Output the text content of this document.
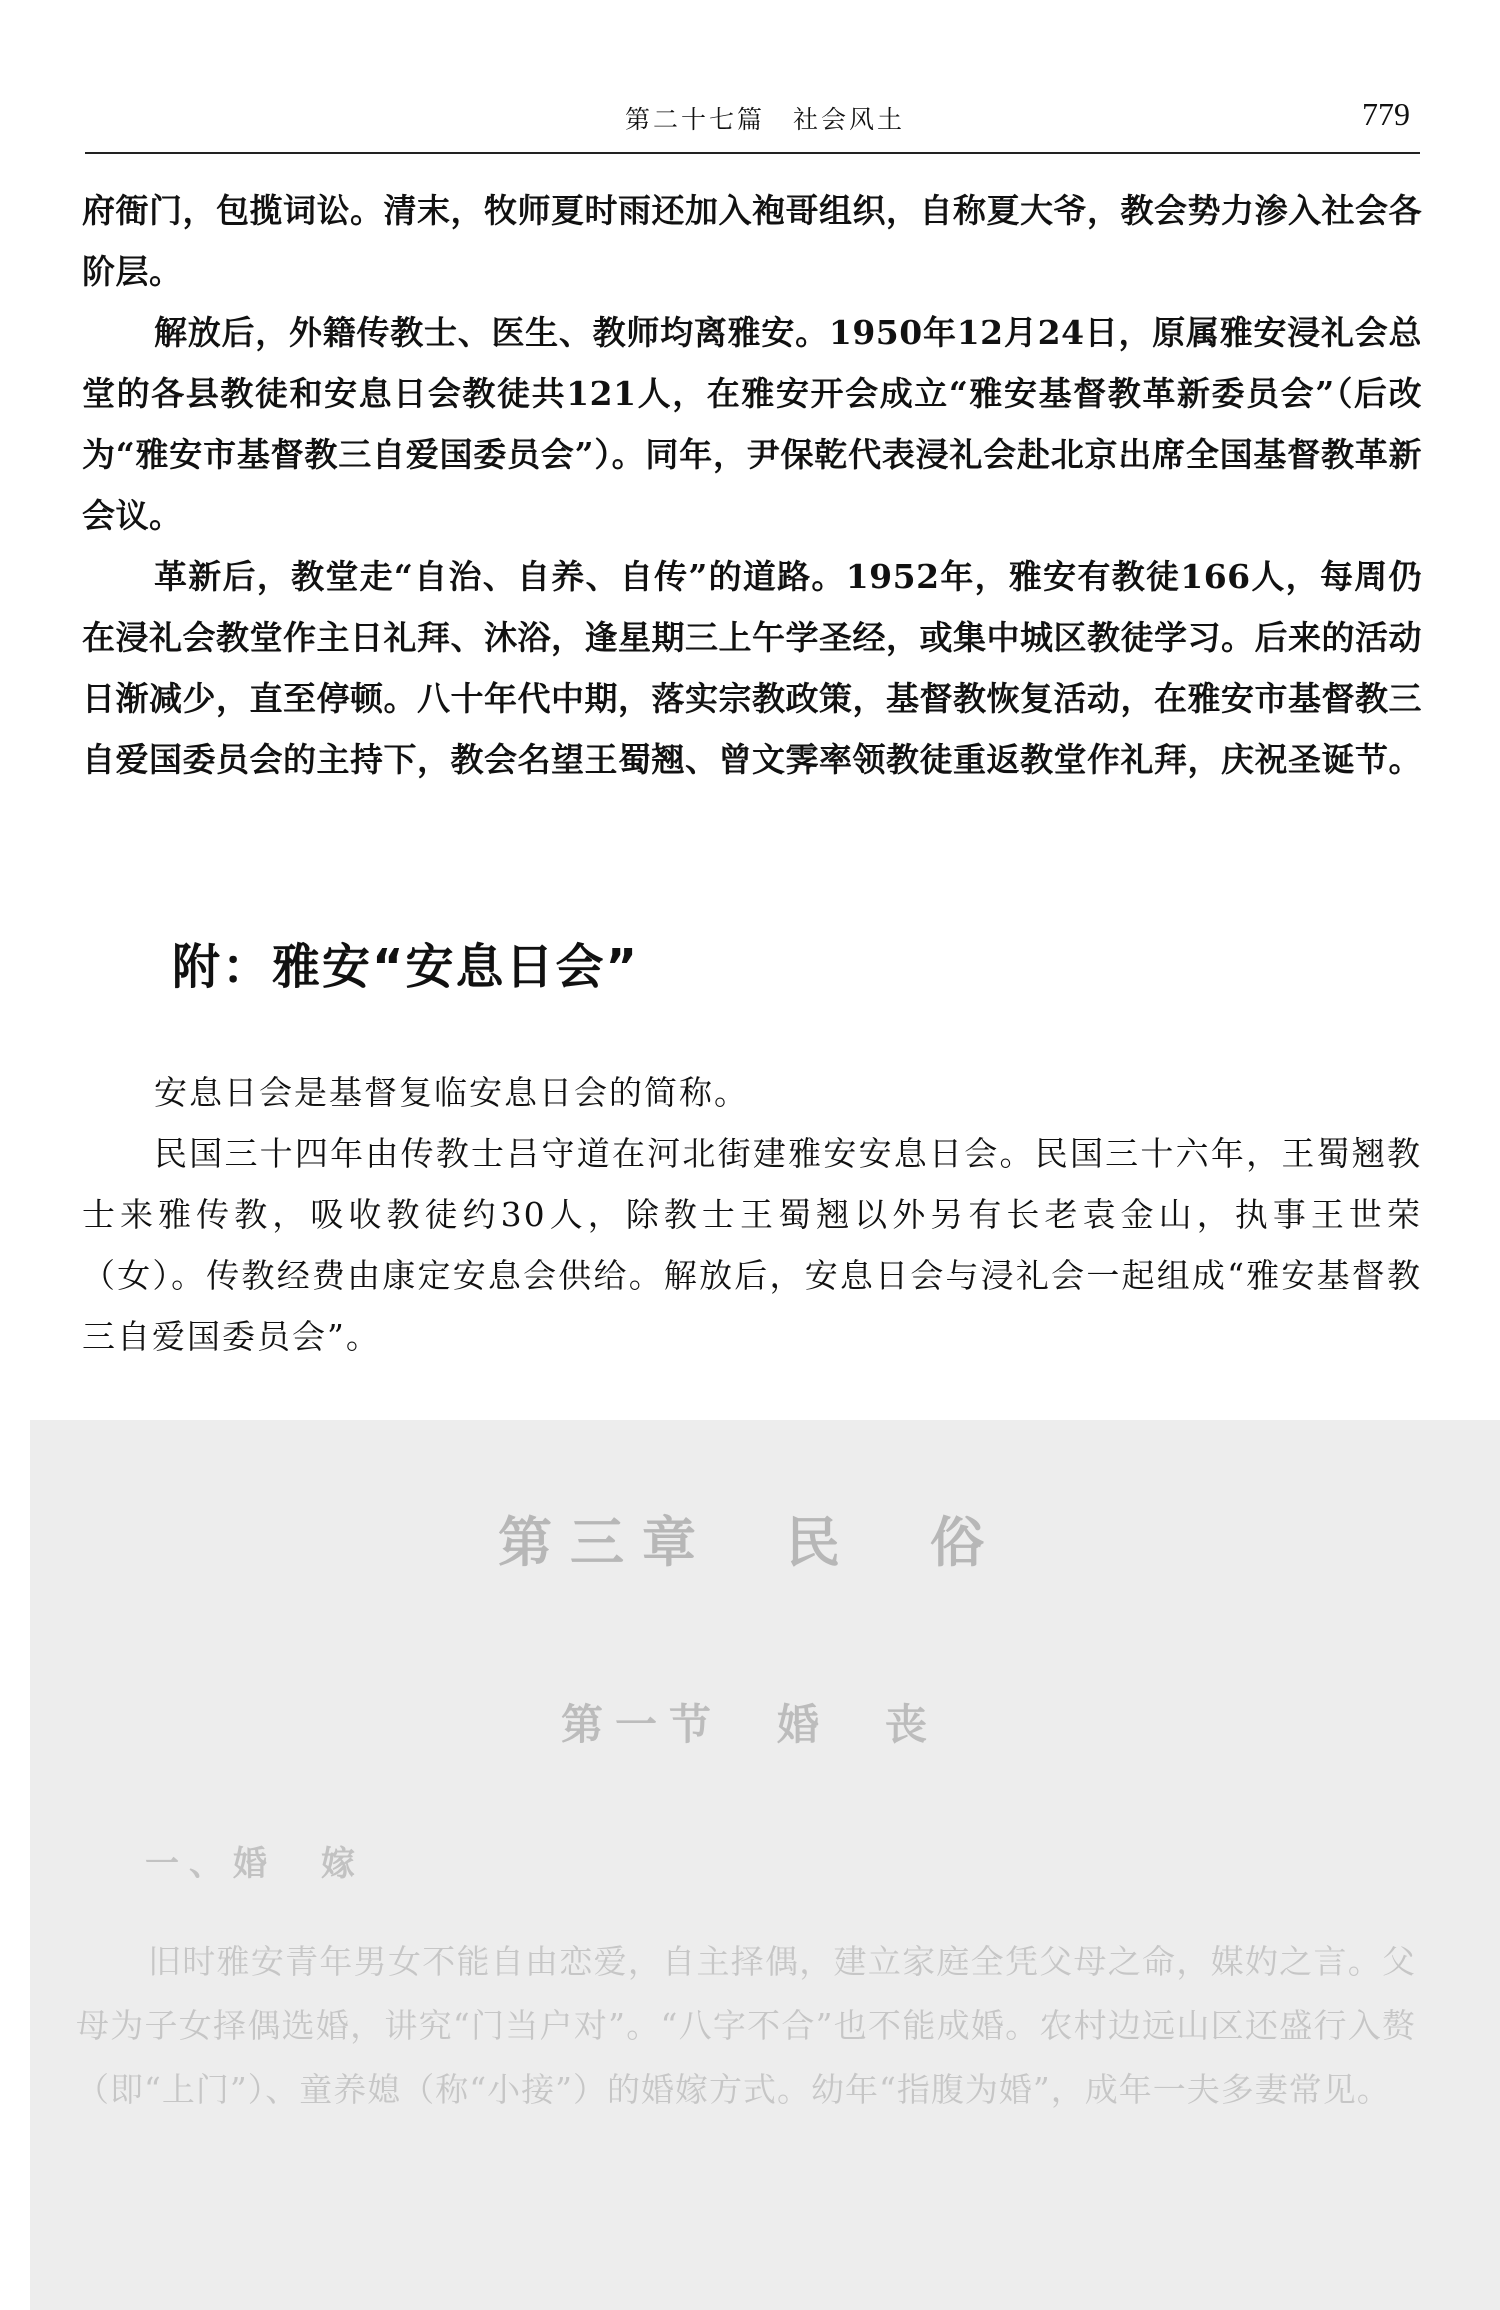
第二十七篇　社会风土	779

府衙门，包揽词讼。清末，牧师夏时雨还加入袍哥组织，自称夏大爷，教会势力渗入社会各阶层。

解放后，外籍传教士、医生、教师均离雅安。1950年12月24日，原属雅安浸礼会总堂的各县教徒和安息日会教徒共121人，在雅安开会成立“雅安基督教革新委员会”（后改为“雅安市基督教三自爱国委员会”）。同年，尹保乾代表浸礼会赴北京出席全国基督教革新会议。

革新后，教堂走“自治、自养、自传”的道路。1952年，雅安有教徒166人，每周仍在浸礼会教堂作主日礼拜、沐浴，逢星期三上午学圣经，或集中城区教徒学习。后来的活动日渐减少，直至停顿。八十年代中期，落实宗教政策，基督教恢复活动，在雅安市基督教三自爱国委员会的主持下，教会名望王蜀翘、曾文霁率领教徒重返教堂作礼拜，庆祝圣诞节。

附：雅安“安息日会”

安息日会是基督复临安息日会的简称。

民国三十四年由传教士吕守道在河北街建雅安安息日会。民国三十六年，王蜀翘教士来雅传教，吸收教徒约30人，除教士王蜀翘以外另有长老袁金山，执事王世荣（女）。传教经费由康定安息会供给。解放后，安息日会与浸礼会一起组成“雅安基督教三自爱国委员会”。

第三章　民　俗
第一节　婚　丧
一、婚　嫁

旧时雅安青年男女不能自由恋爱，自主择偶，建立家庭全凭父母之命，媒妁之言。父母为子女择偶选婚，讲究“门当户对”。“八字不合”也不能成婚。农村边远山区还盛行入赘（即“上门”）、童养媳（称“小接”）的婚嫁方式。幼年“指腹为婚”，成年一夫多妻常见。
